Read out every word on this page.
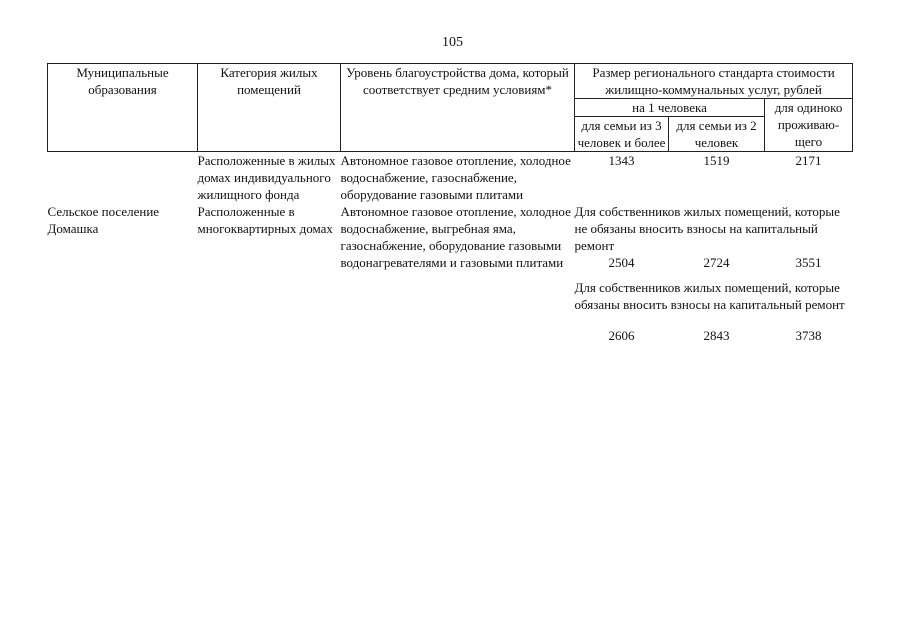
105
Муниципальные образования	Категория жилых помещений	Уровень благоустройства дома, который соответствует средним условиям*	Размер регионального стандарта стоимости жилищно-коммунальных услуг, рублей		
			на 1 человека		для одиноко проживаю-щего
			для семьи из 3 человек и более	для семьи из 2 человек	
	Расположенные в жилых домах индивидуального жилищного фонда	Автономное газовое отопление, холодное водоснабжение, газоснабжение, оборудование газовыми плитами	1343	1519	2171
Сельское поселение Домашка	Расположенные в многоквартирных домах	Автономное газовое отопление, холодное водоснабжение, выгребная яма, газоснабжение, оборудование газовыми водонагревателями и газовыми плитами	Для собственников жилых помещений, которые не обязаны вносить взносы на капитальный ремонт		
			2504	2724	3551
			Для собственников жилых помещений, которые обязаны вносить взносы на капитальный ремонт		
			2606	2843	3738
